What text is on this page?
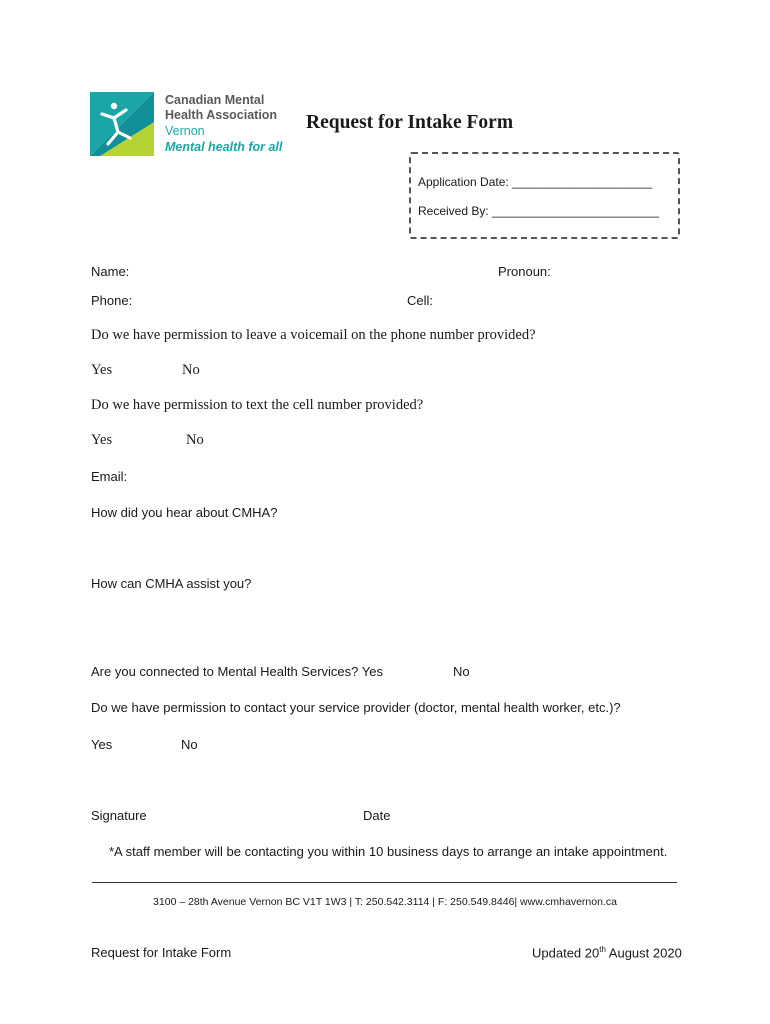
Canadian Mental
Health Association
Vernon
Mental health for all
Request for Intake Form
Application Date: _____________________
Received By: _________________________
Name:	Pronoun:
Phone:	Cell:
Do we have permission to leave a voicemail on the phone number provided?
Yes	No
Do we have permission to text the cell number provided?
Yes	No
Email:
How did you hear about CMHA?
How can CMHA assist you?
Are you connected to Mental Health Services? Yes	No
Do we have permission to contact your service provider (doctor, mental health worker, etc.)?
Yes	No
Signature	Date
*A staff member will be contacting you within 10 business days to arrange an intake appointment.
3100 – 28th Avenue Vernon BC V1T 1W3 | T: 250.542.3114 | F: 250.549.8446| www.cmhavernon.ca
Request for Intake Form	Updated 20th August 2020
